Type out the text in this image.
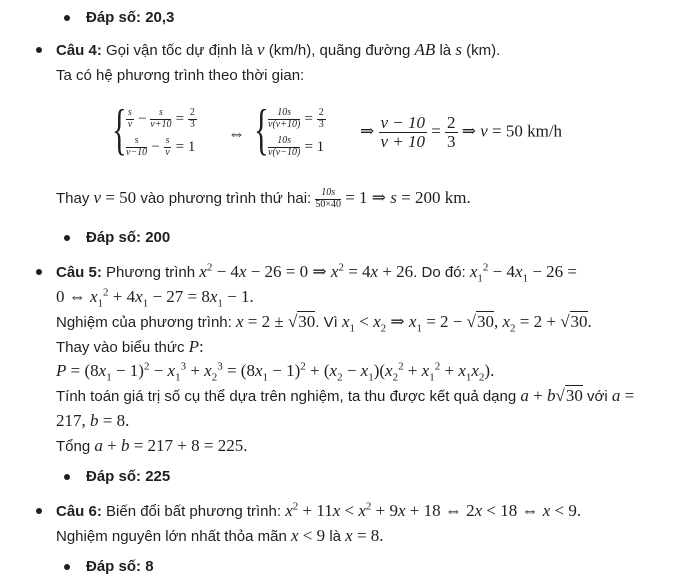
Đáp số: 20,3
Câu 4: Gọi vận tốc dự định là v (km/h), quãng đường AB là s (km).
Ta có hệ phương trình theo thời gian:
{ $\frac{s}{v} - \frac{s}{v+10} = \frac{2}{3}$
$\frac{s}{v-10} - \frac{s}{v} = 1$
⇔ { $\frac{10s}{v(v+10)} = \frac{2}{3}$
$\frac{10s}{v(v-10)} = 1$
⇒ $\frac{v - 10}{v + 10} = \frac{2}{3}$ ⇒ v = 50 km/h
Thay v = 50 vào phương trình thứ hai: $\frac{10s}{50\times 40} = 1$ ⇒ s = 200 km.
Đáp số: 200
Câu 5: Phương trình $x^2 - 4x - 26 = 0$ ⇒ $x^2 = 4x + 26$. Do đó: $x_1^2 - 4x_1 - 26$ =
0 ⇔ $x_1^2 + 4x_1 - 27 = 8x_1 - 1$.
Nghiệm của phương trình: x = 2 ± √30. Vì $x_1 < x_2$ ⇒ $x_1 = 2 - √30$, $x_2 = 2 + √30$.
Thay vào biểu thức P:
$P = (8x_1 - 1)^2 - x_1^3 + x_2^3 = (8x_1 - 1)^2 + (x_2 - x_1)(x_2^2 + x_1^2 + x_1x_2)$.
Tính toán giá trị số cụ thể dựa trên nghiệm, ta thu được kết quả dạng a + b√30 với a =
217, b = 8.
Tổng a + b = 217 + 8 = 225.
Đáp số: 225
Câu 6: Biến đổi bất phương trình: $x^2 + 11x < x^2 + 9x + 18$ ⇔ 2x < 18 ⇔ x < 9.
Nghiệm nguyên lớn nhất thỏa mãn x < 9 là x = 8.
Đáp số: 8
